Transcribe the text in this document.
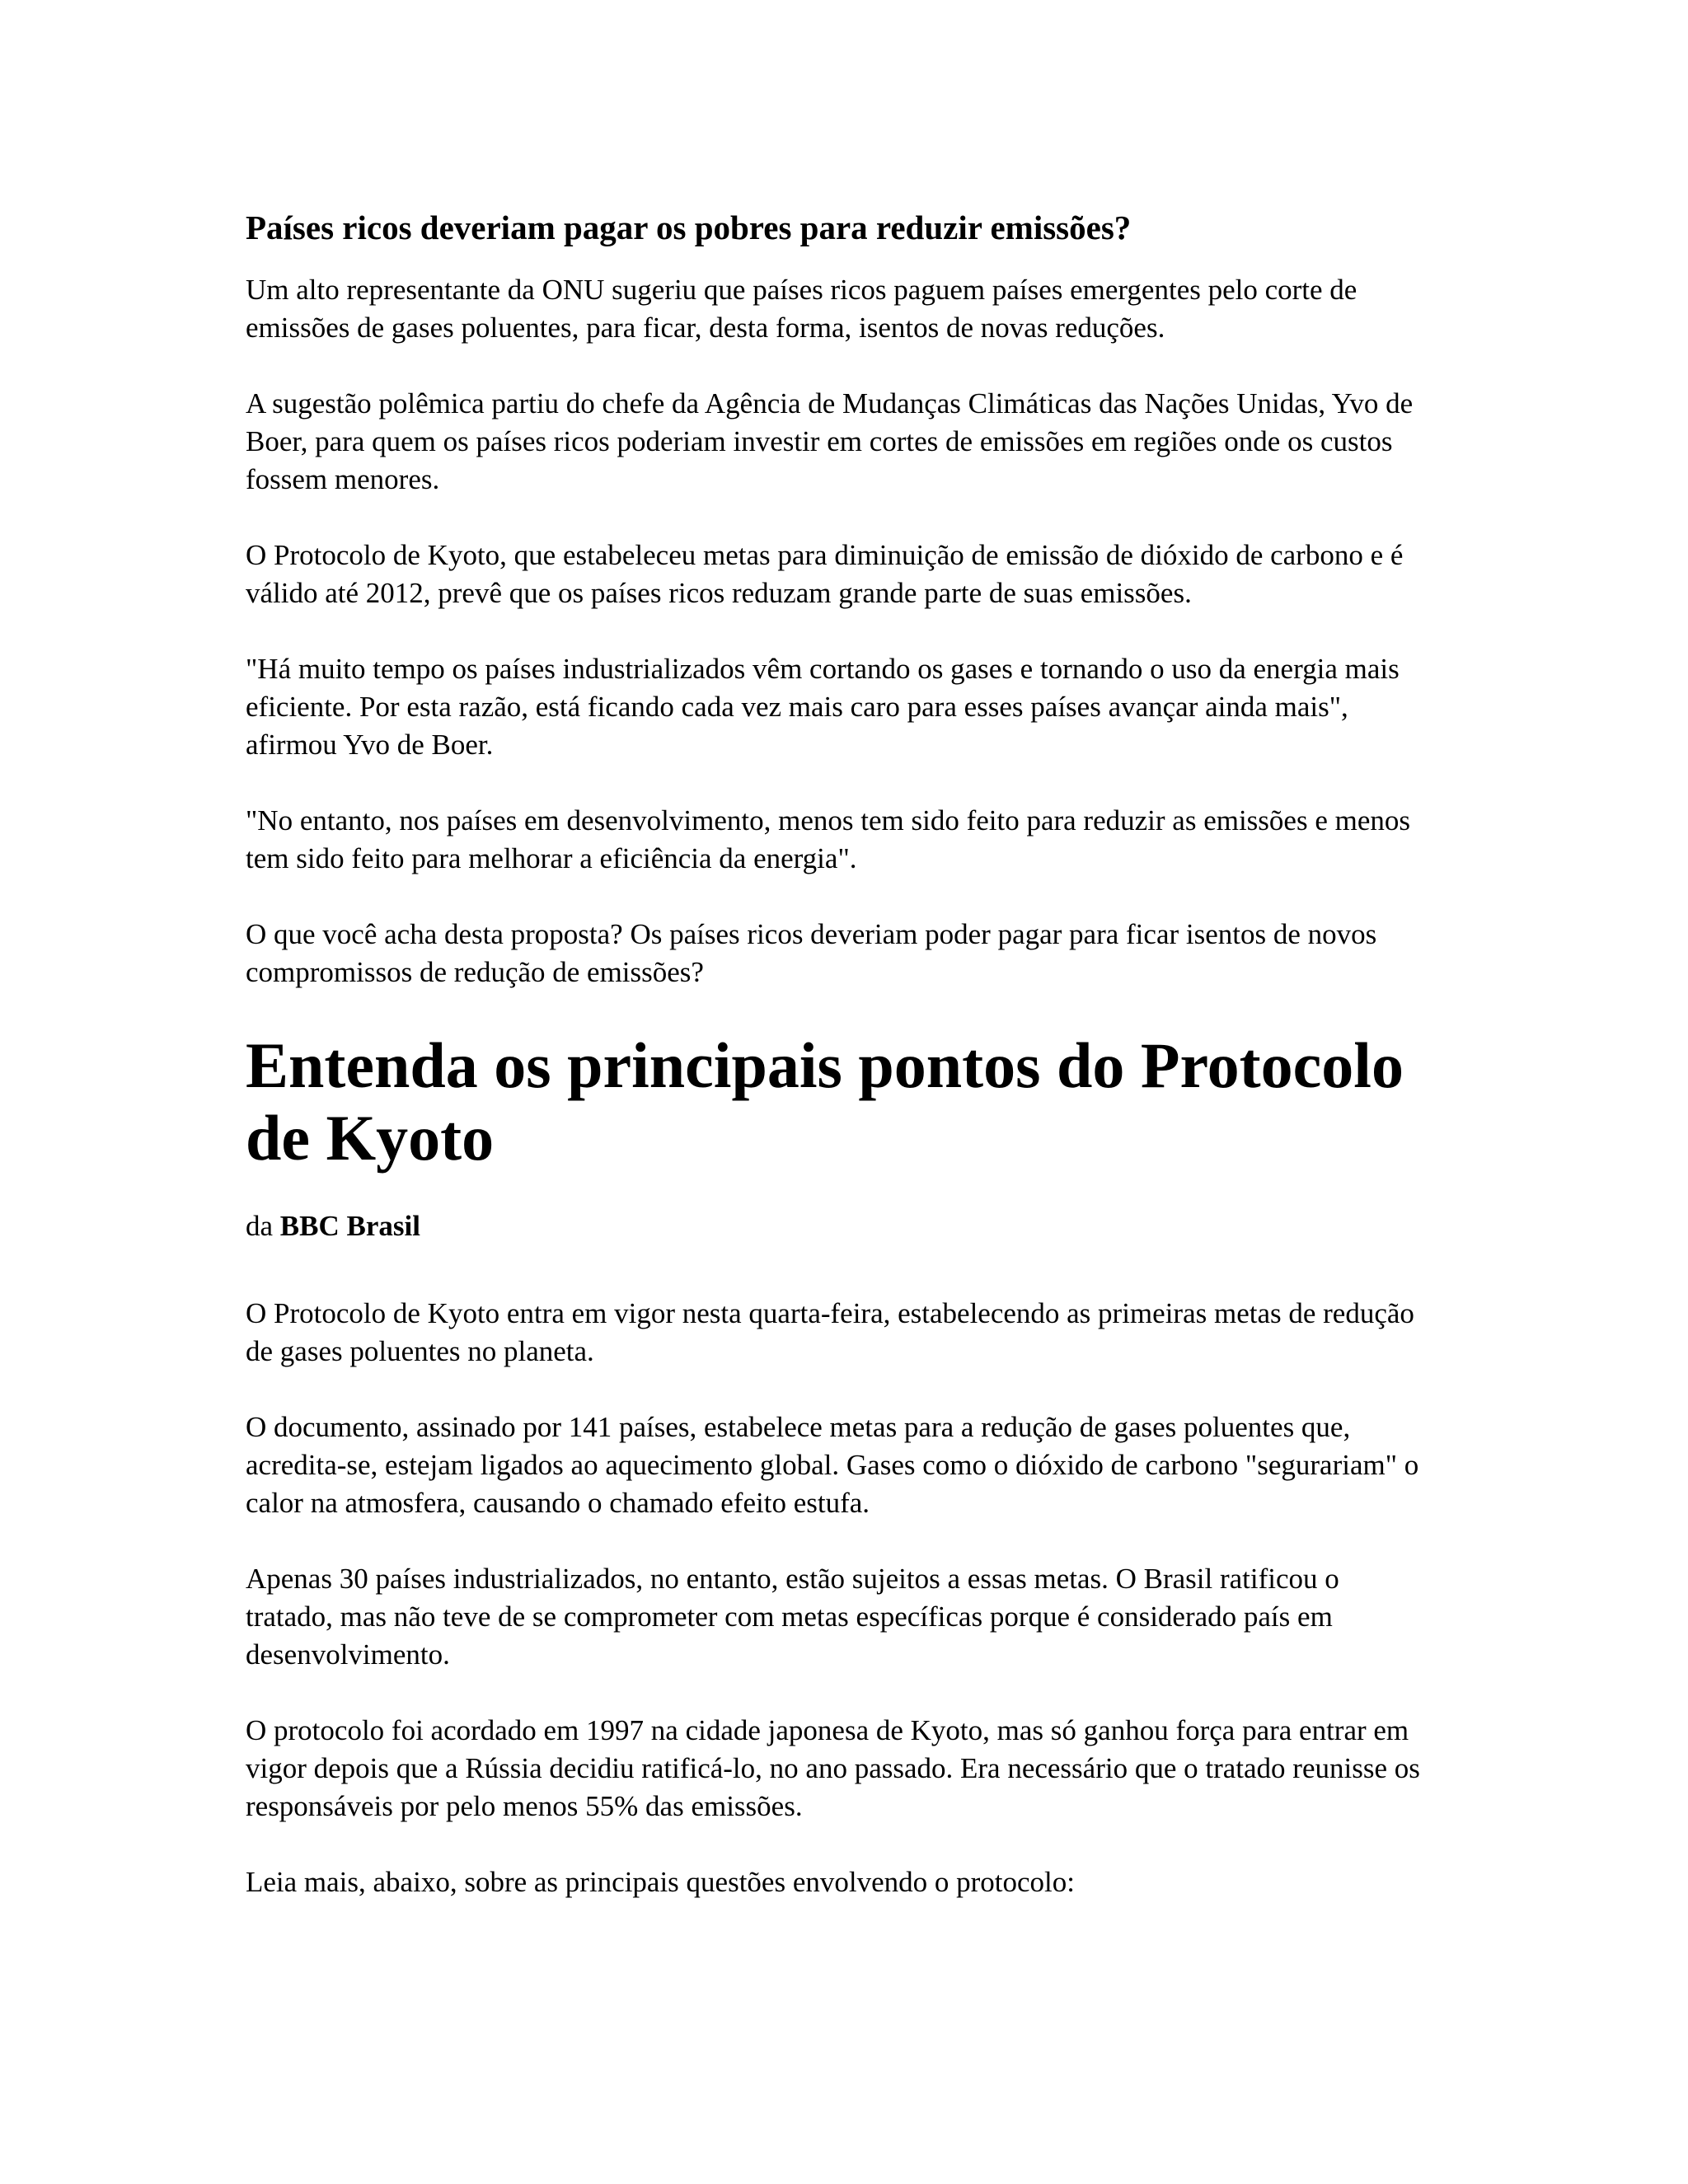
Países ricos deveriam pagar os pobres para reduzir emissões?

Um alto representante da ONU sugeriu que países ricos paguem países emergentes pelo corte de emissões de gases poluentes, para ficar, desta forma, isentos de novas reduções.

A sugestão polêmica partiu do chefe da Agência de Mudanças Climáticas das Nações Unidas, Yvo de Boer, para quem os países ricos poderiam investir em cortes de emissões em regiões onde os custos fossem menores.

O Protocolo de Kyoto, que estabeleceu metas para diminuição de emissão de dióxido de carbono e é válido até 2012, prevê que os países ricos reduzam grande parte de suas emissões.

"Há muito tempo os países industrializados vêm cortando os gases e tornando o uso da energia mais eficiente. Por esta razão, está ficando cada vez mais caro para esses países avançar ainda mais", afirmou Yvo de Boer.

"No entanto, nos países em desenvolvimento, menos tem sido feito para reduzir as emissões e menos tem sido feito para melhorar a eficiência da energia".

O que você acha desta proposta? Os países ricos deveriam poder pagar para ficar isentos de novos compromissos de redução de emissões?

Entenda os principais pontos do Protocolo de Kyoto

da BBC Brasil

O Protocolo de Kyoto entra em vigor nesta quarta-feira, estabelecendo as primeiras metas de redução de gases poluentes no planeta.

O documento, assinado por 141 países, estabelece metas para a redução de gases poluentes que, acredita-se, estejam ligados ao aquecimento global. Gases como o dióxido de carbono "segurariam" o calor na atmosfera, causando o chamado efeito estufa.

Apenas 30 países industrializados, no entanto, estão sujeitos a essas metas. O Brasil ratificou o tratado, mas não teve de se comprometer com metas específicas porque é considerado país em desenvolvimento.

O protocolo foi acordado em 1997 na cidade japonesa de Kyoto, mas só ganhou força para entrar em vigor depois que a Rússia decidiu ratificá-lo, no ano passado. Era necessário que o tratado reunisse os responsáveis por pelo menos 55% das emissões.

Leia mais, abaixo, sobre as principais questões envolvendo o protocolo:
